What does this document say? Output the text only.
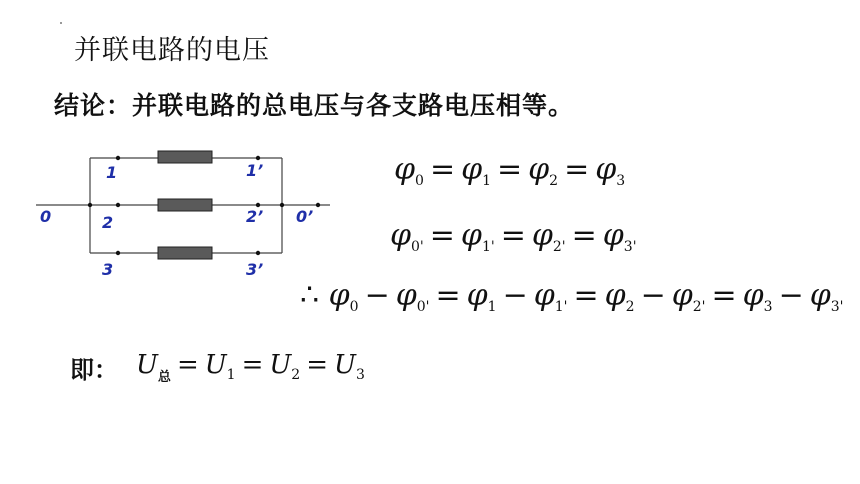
并联电路的电压
结论：并联电路的总电压与各支路电压相等。
0
1
2
3
1’
2’
3’
0’
$\varphi_0 = \varphi_1 = \varphi_2 = \varphi_3$
$\varphi_{0'} = \varphi_{1'} = \varphi_{2'} = \varphi_{3'}$
∴ $\varphi_0 - \varphi_{0'} = \varphi_1 - \varphi_{1'} = \varphi_2 - \varphi_{2'} = \varphi_3 - \varphi_{3'}$
即： $U_总 = U_1 = U_2 = U_3$
